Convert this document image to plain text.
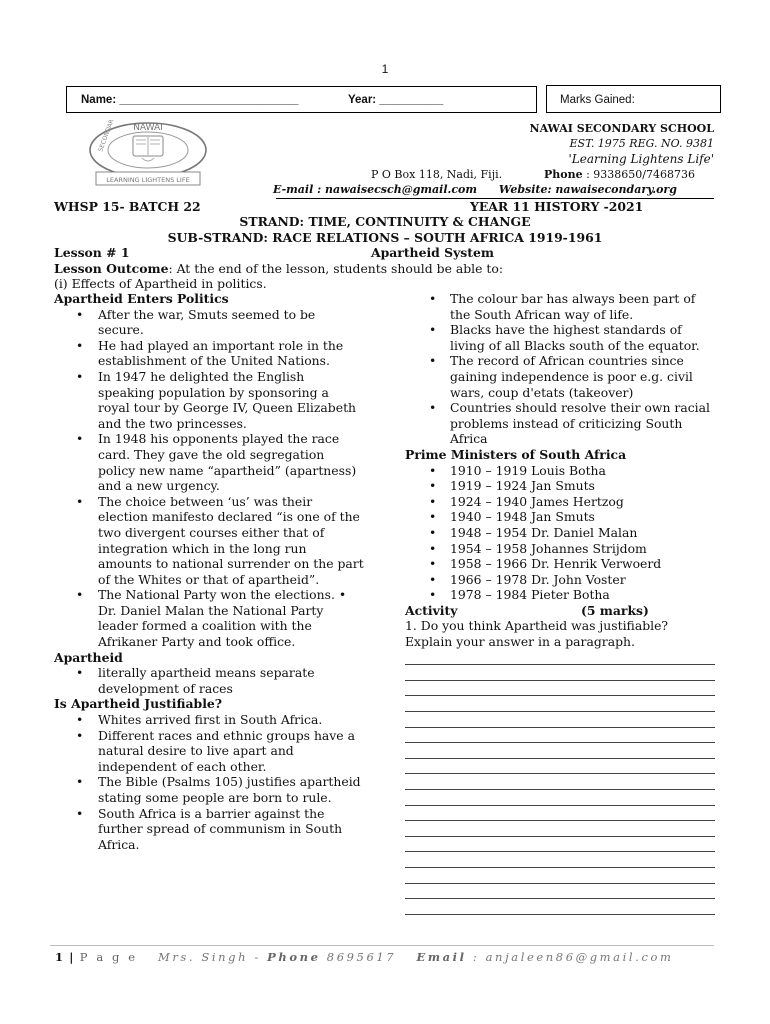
1
Name: ____________________________	Year: __________	Marks Gained:
NAWAI
LEARNING LIGHTENS LIFE
SECONDARY SCHOOL	NAWAI SECONDARY SCHOOL
EST. 1975 REG. NO. 9381
'Learning Lightens Life'
P O Box 118, Nadi, Fiji.	Phone : 9338650/7468736
E-mail : nawaisecsch@gmail.com Website: nawaisecondary.org
WHSP 15- BATCH 22	YEAR 11 HISTORY -2021
STRAND: TIME, CONTINUITY & CHANGE
SUB-STRAND: RACE RELATIONS – SOUTH AFRICA 1919-1961
Lesson # 1	Apartheid System
Lesson Outcome: At the end of the lesson, students should be able to:
(i) Effects of Apartheid in politics.
Apartheid Enters Politics
• After the war, Smuts seemed to be secure.
• He had played an important role in the establishment of the United Nations.
• In 1947 he delighted the English speaking population by sponsoring a royal tour by George IV, Queen Elizabeth and the two princesses.
• In 1948 his opponents played the race card. They gave the old segregation policy new name “apartheid” (apartness) and a new urgency.
• The choice between ‘us’ was their election manifesto declared “is one of the two divergent courses either that of integration which in the long run amounts to national surrender on the part of the Whites or that of apartheid”.
• The National Party won the elections. • Dr. Daniel Malan the National Party leader formed a coalition with the Afrikaner Party and took office.
Apartheid
• literally apartheid means separate development of races
Is Apartheid Justifiable?
• Whites arrived first in South Africa.
• Different races and ethnic groups have a natural desire to live apart and independent of each other.
• The Bible (Psalms 105) justifies apartheid stating some people are born to rule.
• South Africa is a barrier against the further spread of communism in South Africa.
• The colour bar has always been part of the South African way of life.
• Blacks have the highest standards of living of all Blacks south of the equator.
• The record of African countries since gaining independence is poor e.g. civil wars, coup d'etats (takeover)
• Countries should resolve their own racial problems instead of criticizing South Africa
Prime Ministers of South Africa
• 1910 – 1919 Louis Botha
• 1919 – 1924 Jan Smuts
• 1924 – 1940 James Hertzog
• 1940 – 1948 Jan Smuts
• 1948 – 1954 Dr. Daniel Malan
• 1954 – 1958 Johannes Strijdom
• 1958 – 1966 Dr. Henrik Verwoerd
• 1966 – 1978 Dr. John Voster
• 1978 – 1984 Pieter Botha
Activity	(5 marks)
1. Do you think Apartheid was justifiable? Explain your answer in a paragraph.
1 | P a g e Mrs. Singh - Phone 8695617 Email : anjaleen86@gmail.com
